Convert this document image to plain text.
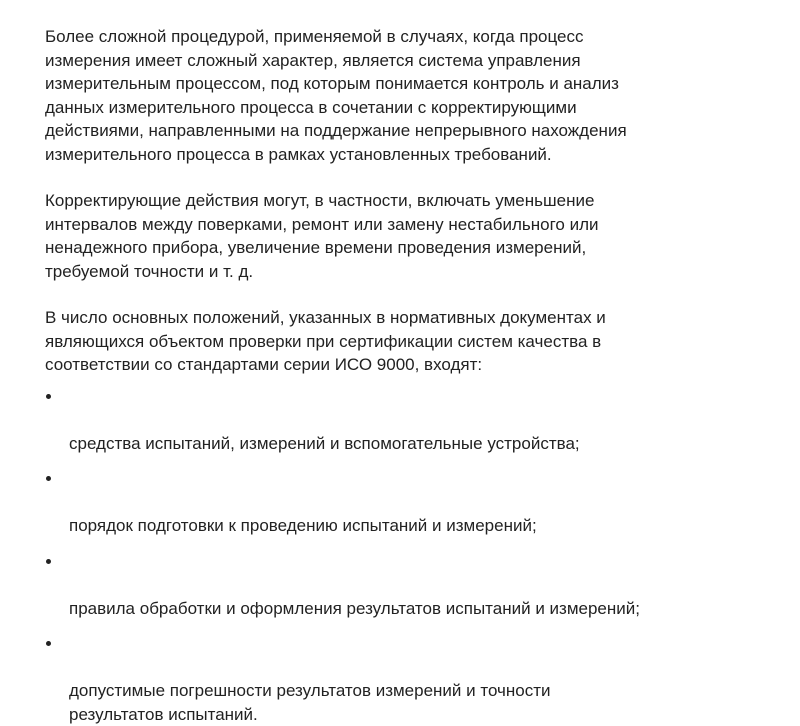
Более сложной процедурой, применяемой в случаях, когда процесс
измерения имеет сложный характер, является система управления
измерительным процессом, под которым понимается контроль и анализ
данных измерительного процесса в сочетании с корректирующими
действиями, направленными на поддержание непрерывного нахождения
измерительного процесса в рамках установленных требований.

Корректирующие действия могут, в частности, включать уменьшение
интервалов между поверками, ремонт или замену нестабильного или
ненадежного прибора, увеличение времени проведения измерений,
требуемой точности и т. д.

В число основных положений, указанных в нормативных документах и
являющихся объектом проверки при сертификации систем качества в
соответствии со стандартами серии ИСО 9000, входят:

средства испытаний, измерений и вспомогательные устройства;

порядок подготовки к проведению испытаний и измерений;

правила обработки и оформления результатов испытаний и измерений;

допустимые погрешности результатов измерений и точности
результатов испытаний.
